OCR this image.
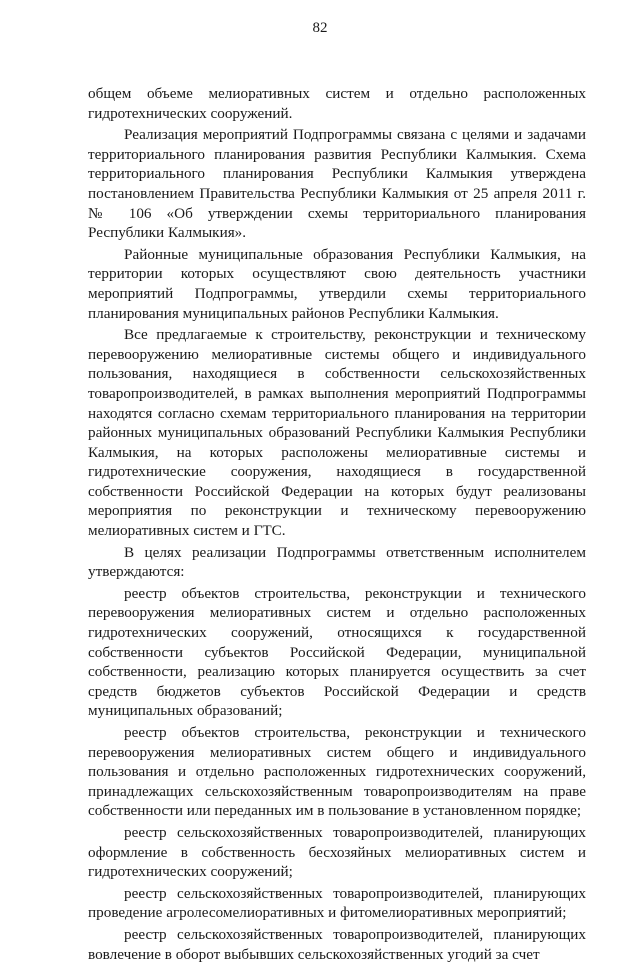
82

общем объеме мелиоративных систем и отдельно расположенных гидротехнических сооружений.

Реализация мероприятий Подпрограммы связана с целями и задачами территориального планирования развития Республики Калмыкия. Схема территориального планирования Республики Калмыкия утверждена постановлением Правительства Республики Калмыкия от 25 апреля 2011 г. № 106 «Об утверждении схемы территориального планирования Республики Калмыкия».

Районные муниципальные образования Республики Калмыкия, на территории которых осуществляют свою деятельность участники мероприятий Подпрограммы, утвердили схемы территориального планирования муниципальных районов Республики Калмыкия.

Все предлагаемые к строительству, реконструкции и техническому перевооружению мелиоративные системы общего и индивидуального пользования, находящиеся в собственности сельскохозяйственных товаропроизводителей, в рамках выполнения мероприятий Подпрограммы находятся согласно схемам территориального планирования на территории районных муниципальных образований Республики Калмыкия Республики Калмыкия, на которых расположены мелиоративные системы и гидротехнические сооружения, находящиеся в государственной собственности Российской Федерации на которых будут реализованы мероприятия по реконструкции и техническому перевооружению мелиоративных систем и ГТС.

В целях реализации Подпрограммы ответственным исполнителем утверждаются:

реестр объектов строительства, реконструкции и технического перевооружения мелиоративных систем и отдельно расположенных гидротехнических сооружений, относящихся к государственной собственности субъектов Российской Федерации, муниципальной собственности, реализацию которых планируется осуществить за счет средств бюджетов субъектов Российской Федерации и средств муниципальных образований;

реестр объектов строительства, реконструкции и технического перевооружения мелиоративных систем общего и индивидуального пользования и отдельно расположенных гидротехнических сооружений, принадлежащих сельскохозяйственным товаропроизводителям на праве собственности или переданных им в пользование в установленном порядке;

реестр сельскохозяйственных товаропроизводителей, планирующих оформление в собственность бесхозяйных мелиоративных систем и гидротехнических сооружений;

реестр сельскохозяйственных товаропроизводителей, планирующих проведение агролесомелиоративных и фитомелиоративных мероприятий;

реестр сельскохозяйственных товаропроизводителей, планирующих вовлечение в оборот выбывших сельскохозяйственных угодий за счет
